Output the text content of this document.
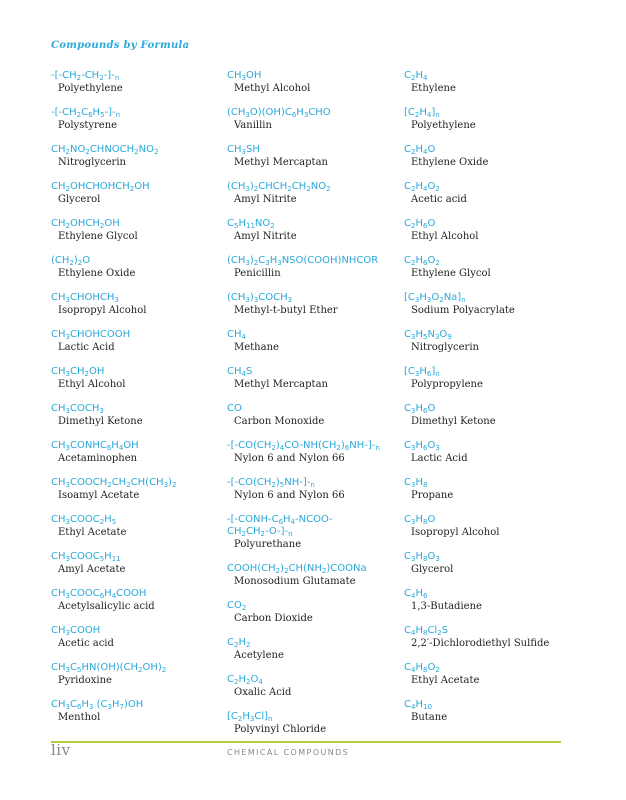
Compounds by Formula
$-[-CH_2-CH_2-]-_n$
Polyethylene
$-[-CH_2C_6H_5-]-_n$
Polystyrene
$CH_2NO_2CHNOCH_2NO_2$
Nitroglycerin
$CH_2OHCHOHCH_2OH$
Glycerol
$CH_2OHCH_2OH$
Ethylene Glycol
$(CH_2)_2O$
Ethylene Oxide
$CH_3CHOHCH_3$
Isopropyl Alcohol
$CH_3CHOHCOOH$
Lactic Acid
$CH_3CH_2OH$
Ethyl Alcohol
$CH_3COCH_3$
Dimethyl Ketone
$CH_3CONHC_6H_4OH$
Acetaminophen
$CH_3COOCH_2CH_2CH(CH_3)_2$
Isoamyl Acetate
$CH_3COOC_2H_5$
Ethyl Acetate
$CH_3COOC_5H_{11}$
Amyl Acetate
$CH_3COOC_6H_4COOH$
Acetylsalicylic acid
$CH_3COOH$
Acetic acid
$CH_3C_5HN(OH)(CH_2OH)_2$
Pyridoxine
$CH_3C_6H_3$ $(C_3H_7)OH$
Menthol
$CH_3OH$
Methyl Alcohol
$(CH_3O)(OH)C_6H_3CHO$
Vanillin
$CH_3SH$
Methyl Mercaptan
$(CH_3)_2CHCH_2CH_2NO_2$
Amyl Nitrite
$C_5H_{11}NO_2$
Amyl Nitrite
$(CH_3)_2C_3H_3NSO(COOH)NHCOR$
Penicillin
$(CH_3)_3COCH_3$
Methyl-t-butyl Ether
$CH_4$
Methane
$CH_4S$
Methyl Mercaptan
CO
Carbon Monoxide
$-[-CO(CH_2)_4CO-NH(CH_2)_6NH-]-_n$
Nylon 6 and Nylon 66
$-[-CO(CH_2)_5NH-]-_n$
Nylon 6 and Nylon 66
$-[-CONH-C_6H_4-NCOO-$
$CH_2CH_2-O-]-_n$
Polyurethane
$COOH(CH_2)_2CH(NH_2)COONa$
Monosodium Glutamate
$CO_2$
Carbon Dioxide
$C_2H_2$
Acetylene
$C_2H_2O_4$
Oxalic Acid
$[C_2H_3Cl]_n$
Polyvinyl Chloride
$C_2H_4$
Ethylene
$[C_2H_4]_n$
Polyethylene
$C_2H_4O$
Ethylene Oxide
$C_2H_4O_2$
Acetic acid
$C_2H_6O$
Ethyl Alcohol
$C_2H_6O_2$
Ethylene Glycol
$[C_3H_3O_2Na]_n$
Sodium Polyacrylate
$C_3H_5N_3O_9$
Nitroglycerin
$[C_3H_6]_n$
Polypropylene
$C_3H_6O$
Dimethyl Ketone
$C_3H_6O_3$
Lactic Acid
$C_3H_8$
Propane
$C_3H_8O$
Isopropyl Alcohol
$C_3H_8O_3$
Glycerol
$C_4H_6$
1,3-Butadiene
$C_4H_8Cl_2S$
2,2′-Dichlorodiethyl Sulfide
$C_4H_8O_2$
Ethyl Acetate
$C_4H_{10}$
Butane
liv	CHEMICAL COMPOUNDS
